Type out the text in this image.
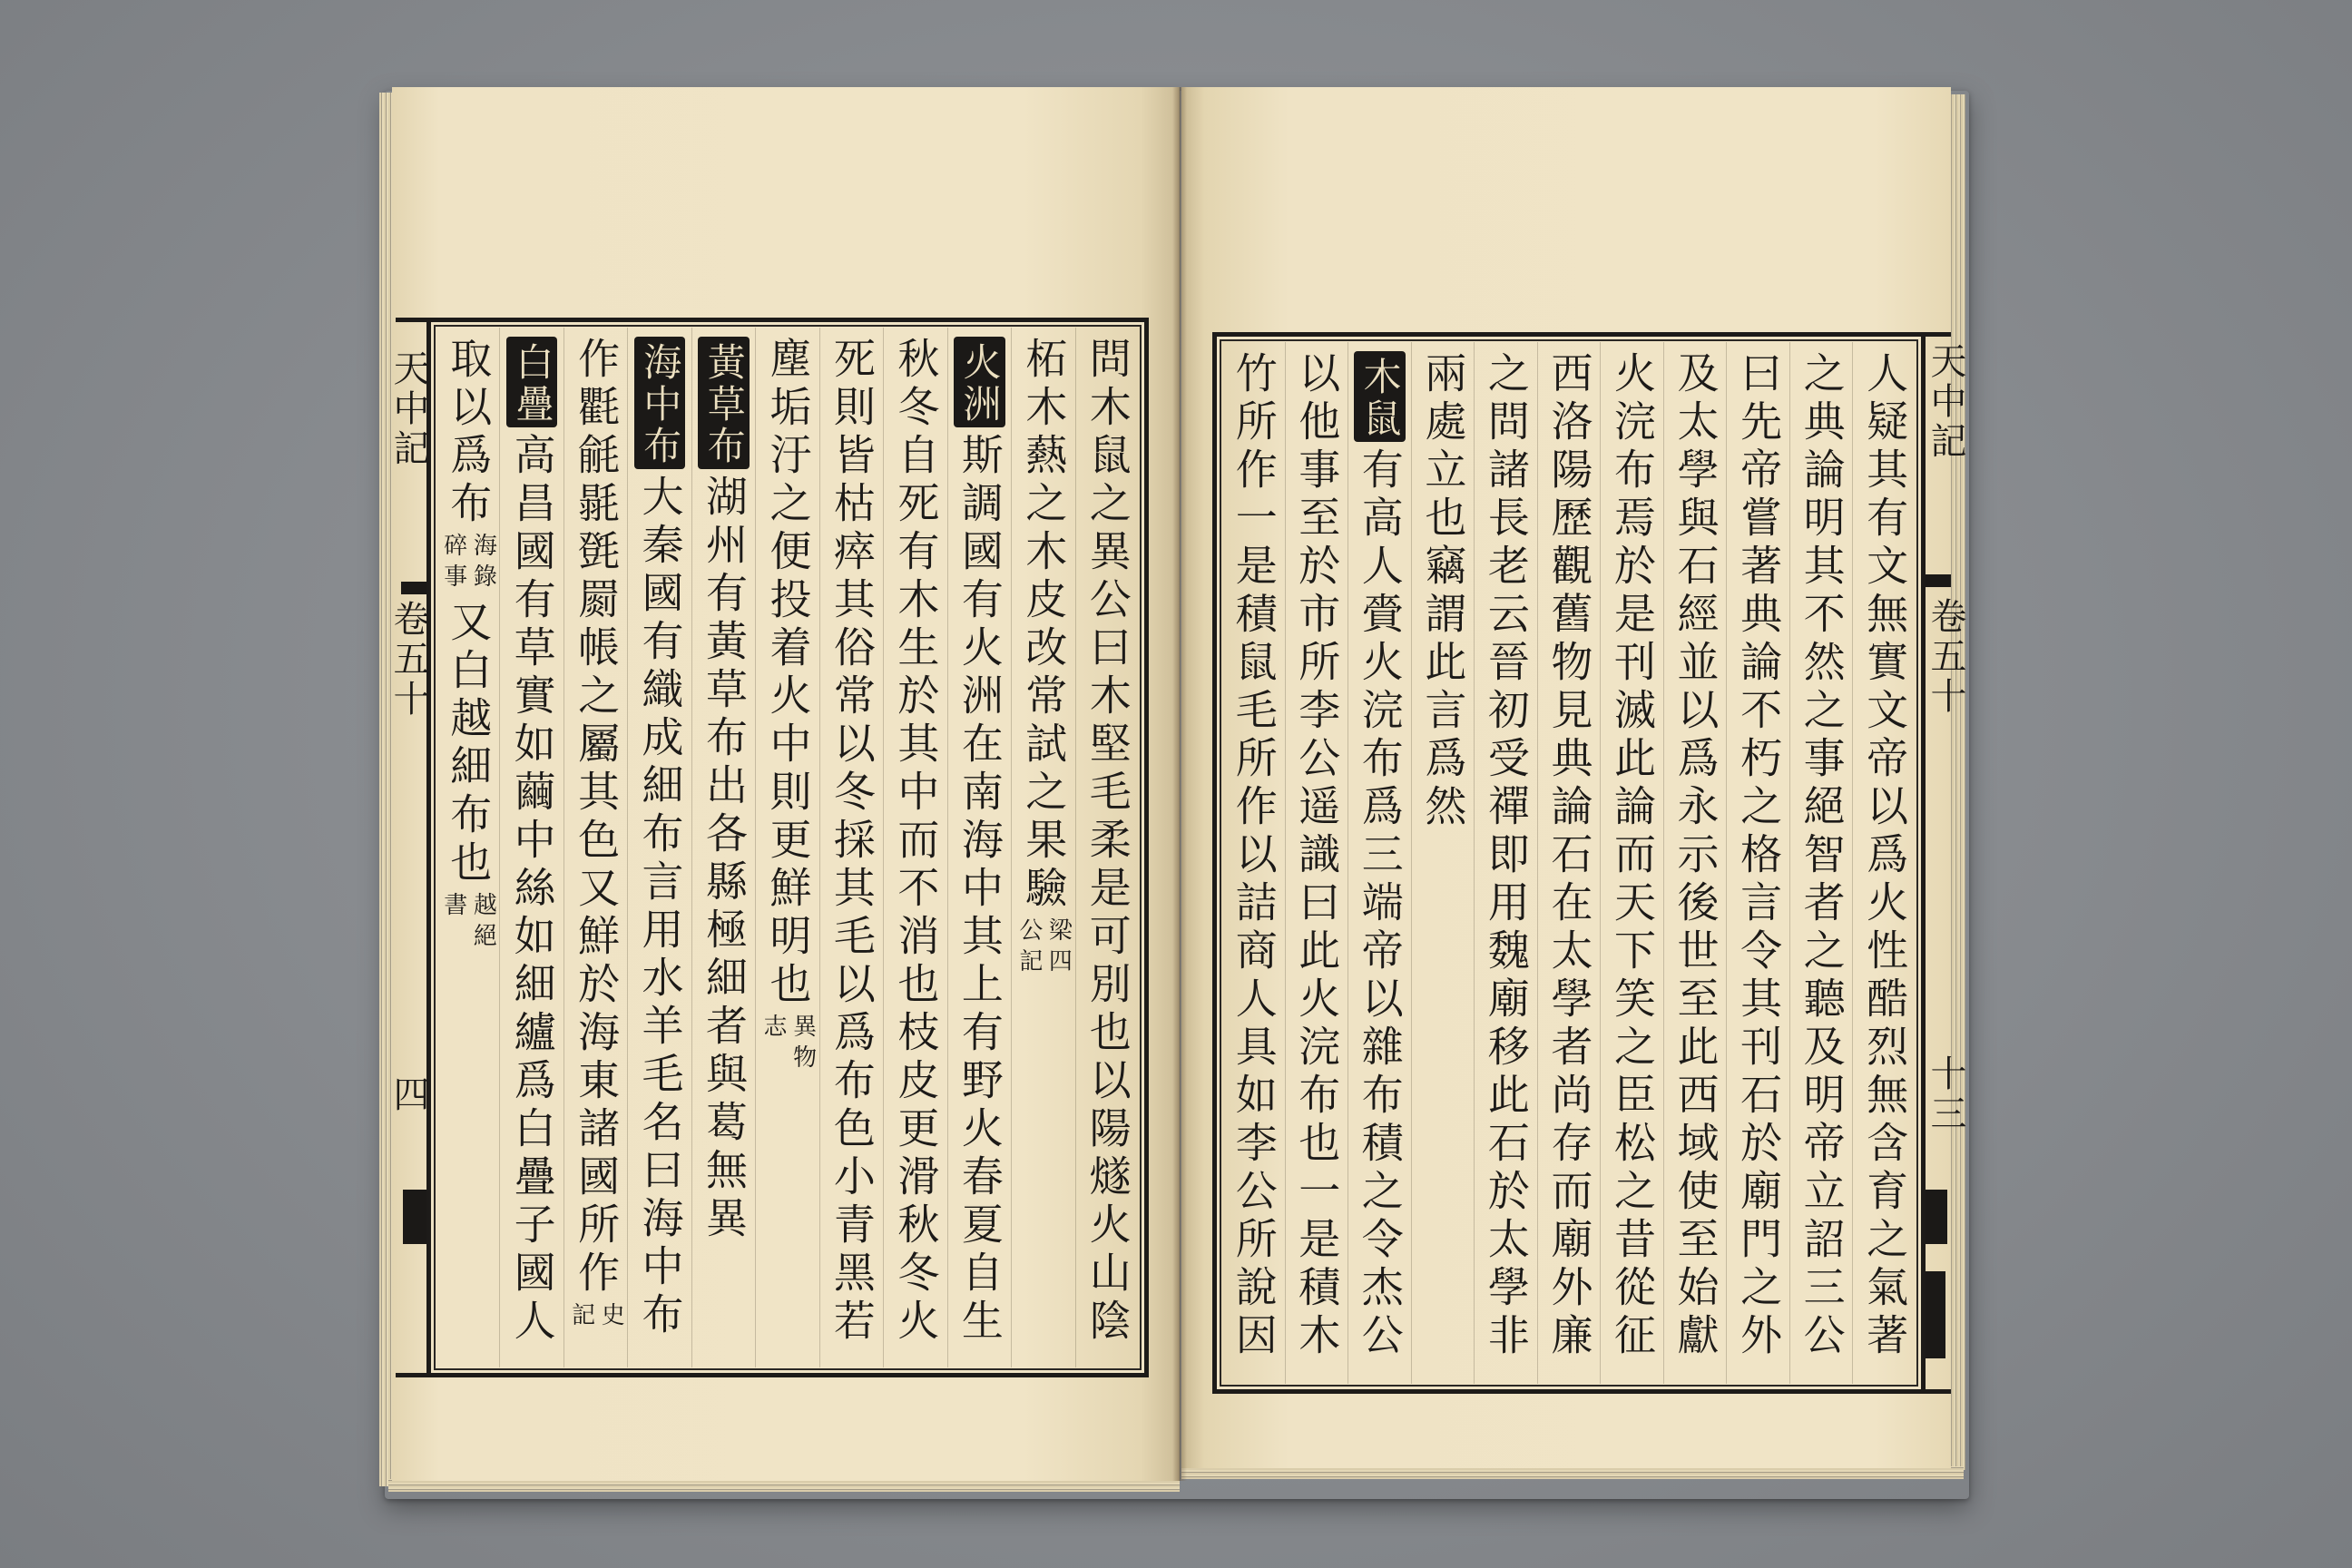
人疑其有文無實文帝以爲火性酷烈無含育之氣著
之典論明其不然之事絕智者之聽及明帝立詔三公
曰先帝嘗著典論不朽之格言令其刊石於廟門之外
及太學與石經並以爲永示後世至此西域使至始獻
火浣布焉於是刊滅此論而天下笑之臣松之昔從征
西洛陽歷觀舊物見典論石在太學者尚存而廟外廉
之問諸長老云晉初受禪即用魏廟移此石於太學非
兩處立也竊謂此言爲然
木鼠
有高人賫火浣布爲三端帝以雜布積之令杰公
以他事至於市所李公遥識曰此火浣布也一是積木
竹所作一是積鼠毛所作以詰商人具如李公所說因	天中記
卷五十
十三
問木鼠之異公曰木堅毛柔是可別也以陽燧火山陰
柘木爇之木皮改常試之果驗
梁四
公記
火洲
斯調國有火洲在南海中其上有野火春夏自生
秋冬自死有木生於其中而不消也枝皮更滑秋冬火
死則皆枯瘁其俗常以冬採其毛以爲布色小青黑若
塵垢汙之便投着火中則更鮮明也
異物
志
黃草布
湖州有黃草布出各縣極細者與葛無異
海中布
大秦國有織成細布言用水羊毛名曰海中布
作氍毹毾㲪罽帳之屬其色又鮮於海東諸國所作
史
記
白疊
高昌國有草實如繭中絲如細纑爲白疊子國人
取以爲布
海錄
碎事
又白越細布也
越絕
書
天中記
卷五十
四
